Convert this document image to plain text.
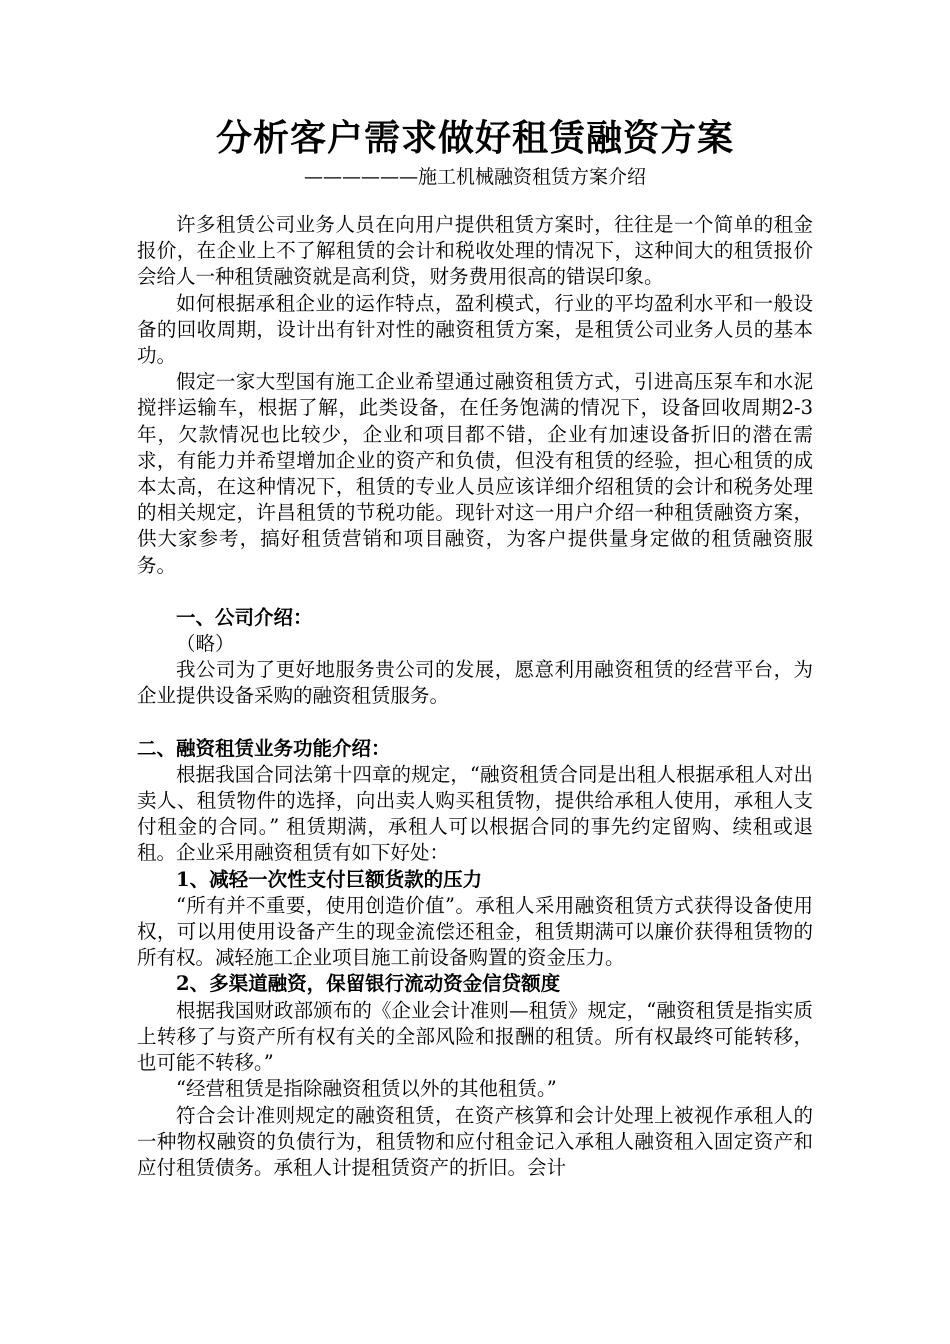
分析客户需求做好租赁融资方案
——————施工机械融资租赁方案介绍

许多租赁公司业务人员在向用户提供租赁方案时，往往是一个简单的租金报价，在企业上不了解租赁的会计和税收处理的情况下，这种间大的租赁报价会给人一种租赁融资就是高利贷，财务费用很高的错误印象。

如何根据承租企业的运作特点，盈利模式，行业的平均盈利水平和一般设备的回收周期，设计出有针对性的融资租赁方案，是租赁公司业务人员的基本功。

假定一家大型国有施工企业希望通过融资租赁方式，引进高压泵车和水泥搅拌运输车，根据了解，此类设备，在任务饱满的情况下，设备回收周期2-3年，欠款情况也比较少，企业和项目都不错，企业有加速设备折旧的潜在需求，有能力并希望增加企业的资产和负债，但没有租赁的经验，担心租赁的成本太高，在这种情况下，租赁的专业人员应该详细介绍租赁的会计和税务处理的相关规定，许昌租赁的节税功能。现针对这一用户介绍一种租赁融资方案，供大家参考，搞好租赁营销和项目融资，为客户提供量身定做的租赁融资服务。

一、公司介绍：

（略）

我公司为了更好地服务贵公司的发展，愿意利用融资租赁的经营平台，为企业提供设备采购的融资租赁服务。

二、融资租赁业务功能介绍：

根据我国合同法第十四章的规定，“融资租赁合同是出租人根据承租人对出卖人、租赁物件的选择，向出卖人购买租赁物，提供给承租人使用，承租人支付租金的合同。” 租赁期满，承租人可以根据合同的事先约定留购、续租或退租。企业采用融资租赁有如下好处：

1、减轻一次性支付巨额货款的压力

“所有并不重要，使用创造价值”。承租人采用融资租赁方式获得设备使用权，可以用使用设备产生的现金流偿还租金，租赁期满可以廉价获得租赁物的所有权。减轻施工企业项目施工前设备购置的资金压力。

2、多渠道融资，保留银行流动资金信贷额度

根据我国财政部颁布的《企业会计准则—租赁》规定，“融资租赁是指实质上转移了与资产所有权有关的全部风险和报酬的租赁。所有权最终可能转移，也可能不转移。”

“经营租赁是指除融资租赁以外的其他租赁。”

符合会计准则规定的融资租赁，在资产核算和会计处理上被视作承租人的一种物权融资的负债行为，租赁物和应付租金记入承租人融资租入固定资产和应付租赁债务。承租人计提租赁资产的折旧。会计
